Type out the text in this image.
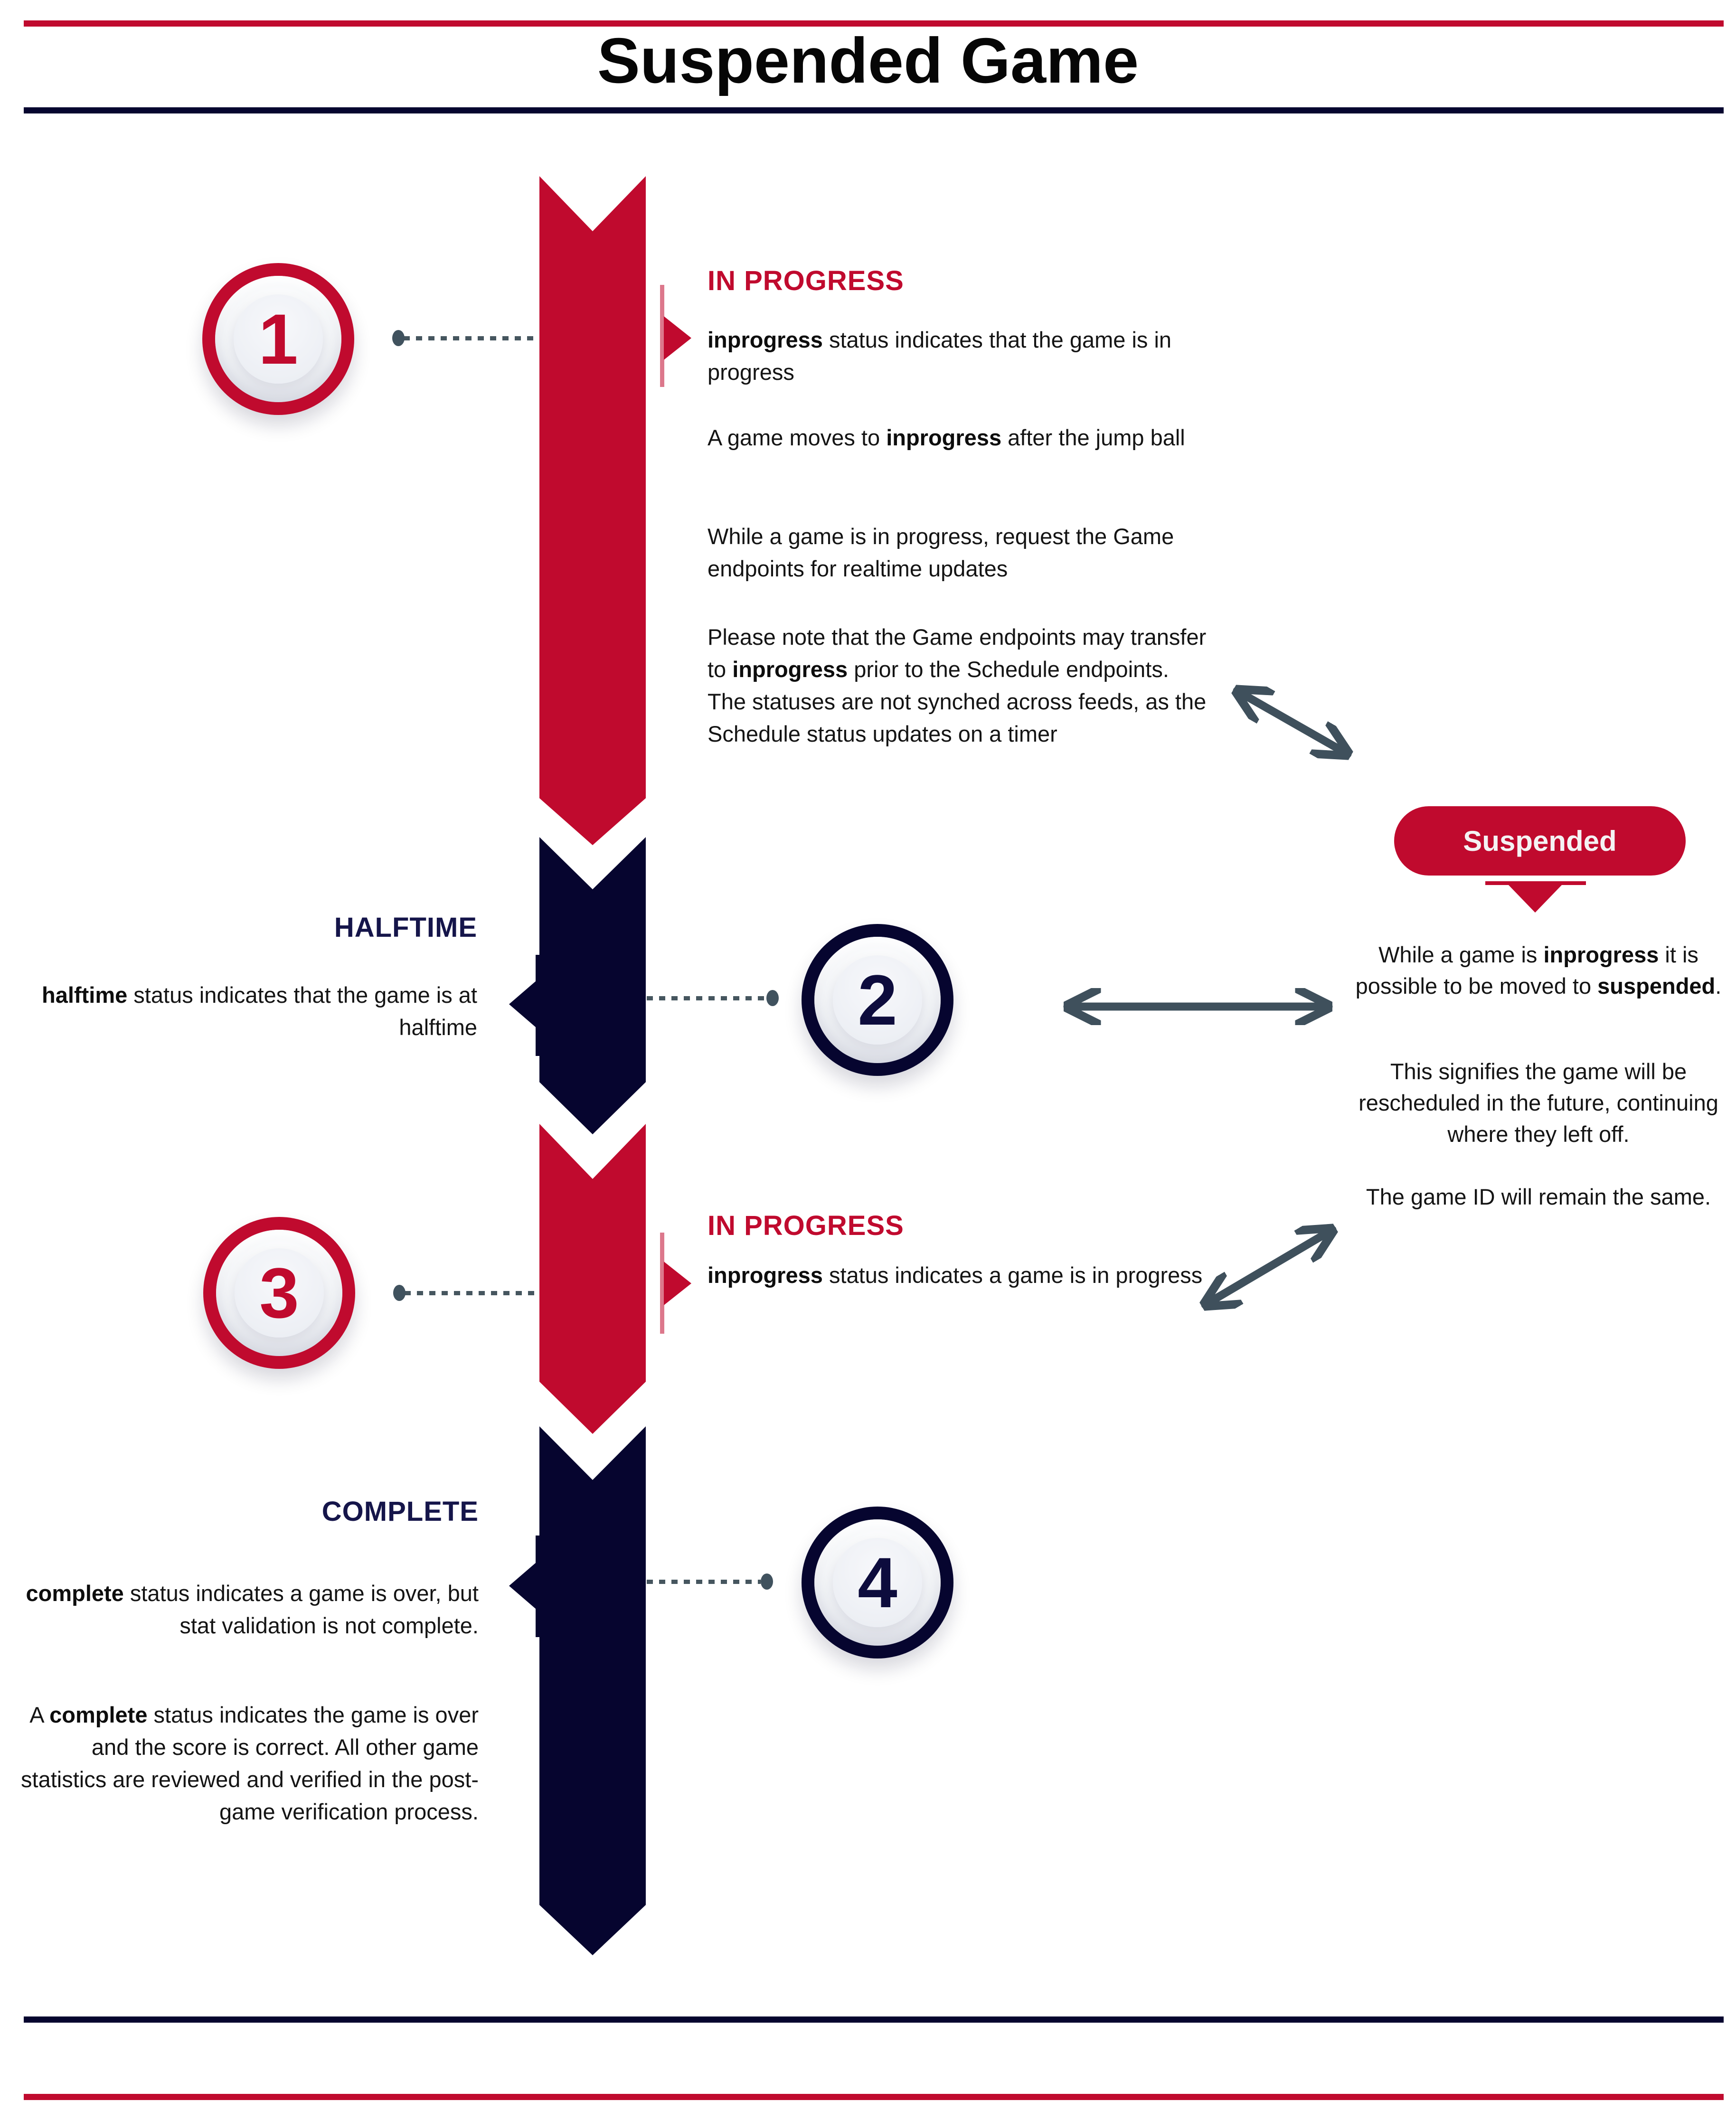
Suspended Game
1
2
3
4
IN PROGRESS

inprogress status indicates that the game is in progress

A game moves to inprogress after the jump ball

While a game is in progress, request the Game endpoints for realtime updates

Please note that the Game endpoints may transfer to inprogress prior to the Schedule endpoints. The statuses are not synched across feeds, as the Schedule status updates on a timer

HALFTIME

halftime status indicates that the game is at halftime

IN PROGRESS

inprogress status indicates a game is in progress

COMPLETE

complete status indicates a game is over, but stat validation is not complete.

A complete status indicates the game is over and the score is correct. All other game statistics are reviewed and verified in the post-game verification process.

Suspended

While a game is inprogress it is possible to be moved to suspended.

This signifies the game will be rescheduled in the future, continuing where they left off.

The game ID will remain the same.
